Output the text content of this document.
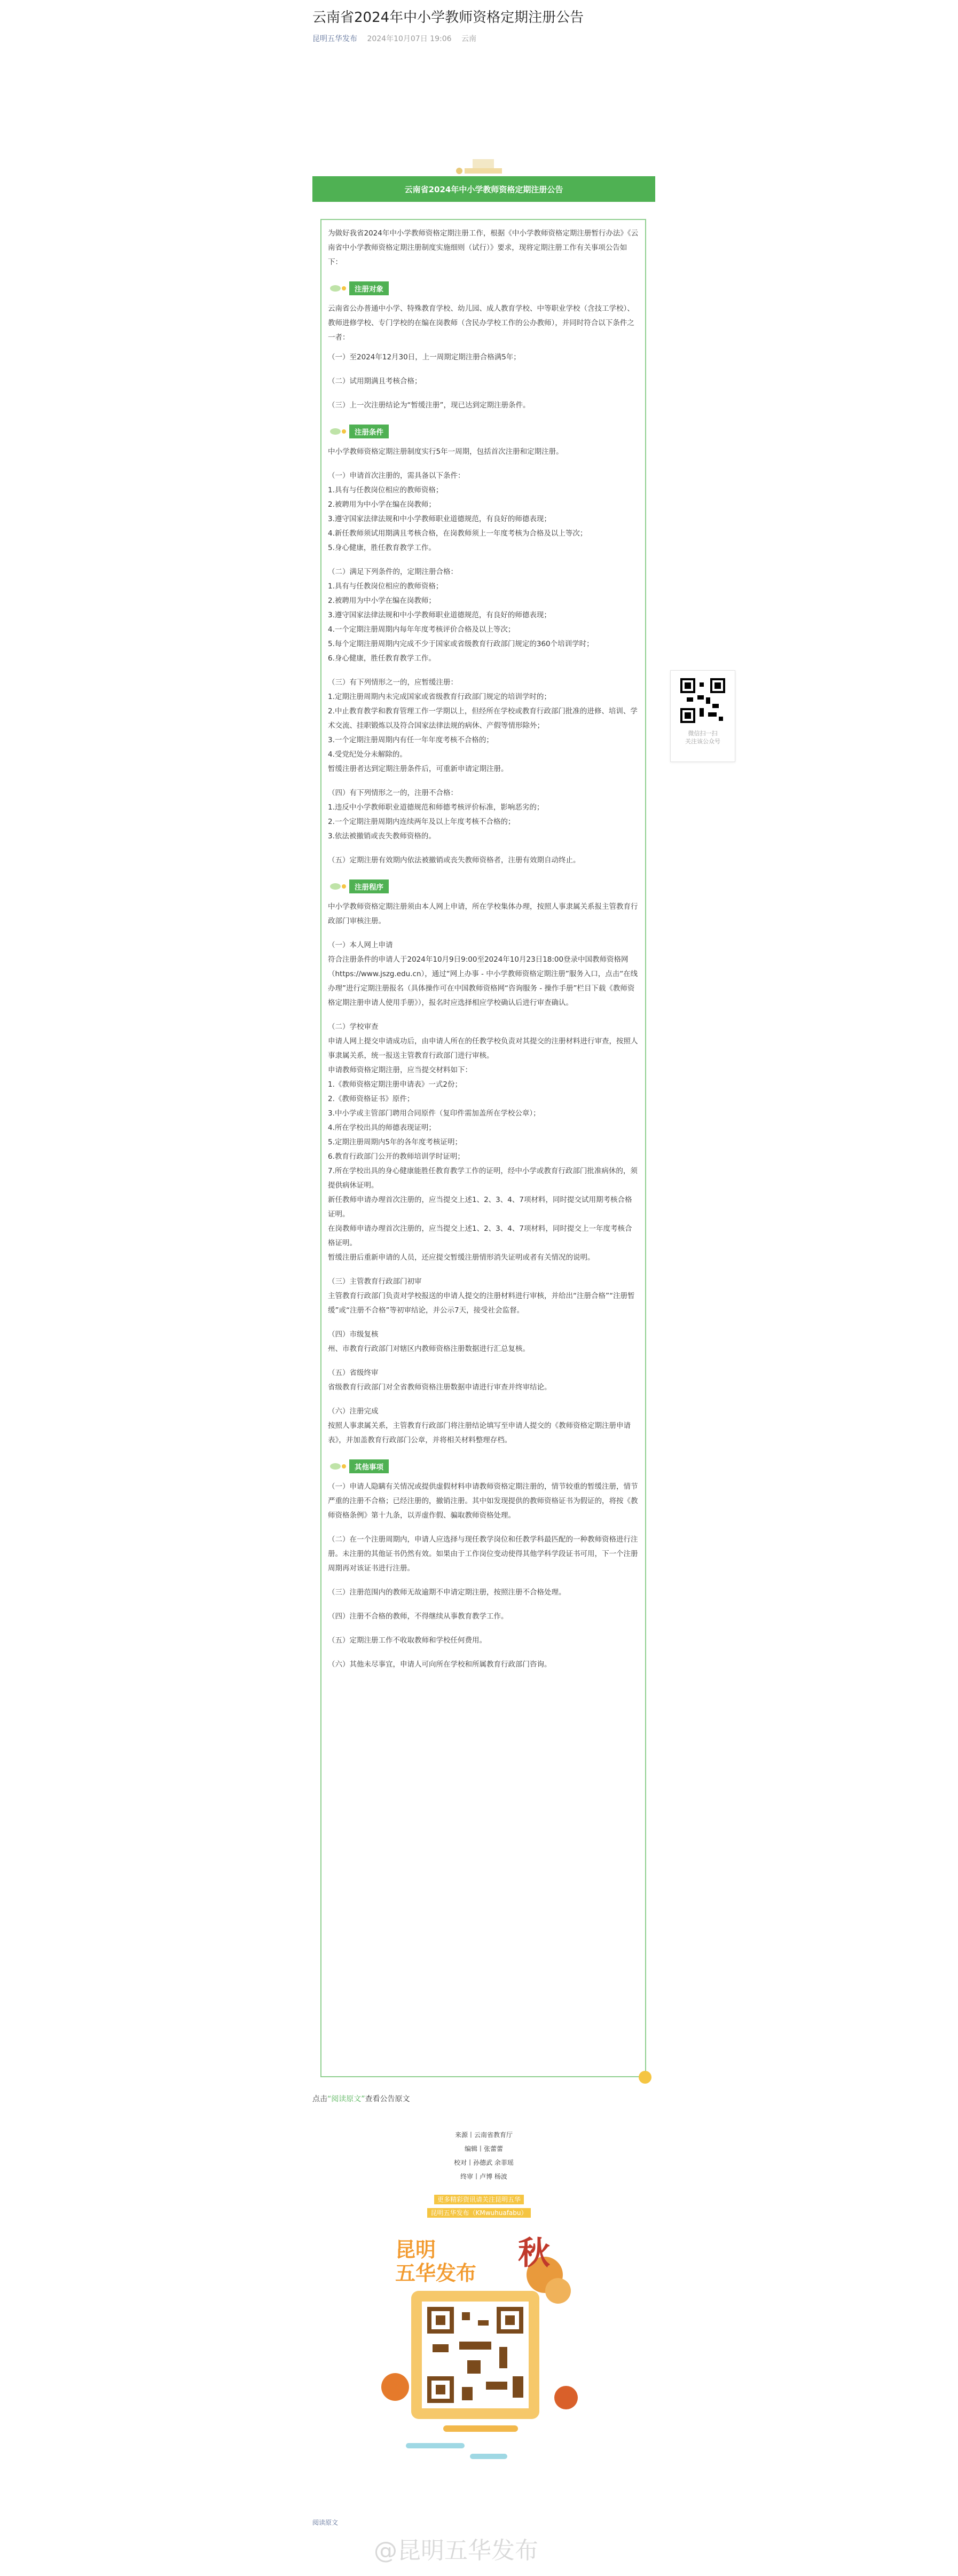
云南省2024年中小学教师资格定期注册公告
昆明五华发布 2024年10月07日 19:06 云南
云南省2024年中小学教师资格定期注册公告

为做好我省2024年中小学教师资格定期注册工作，根据《中小学教师资格定期注册暂行办法》《云南省中小学教师资格定期注册制度实施细则（试行）》要求，现将定期注册工作有关事项公告如下：

注册对象

云南省公办普通中小学、特殊教育学校、幼儿园、成人教育学校、中等职业学校（含技工学校）、教师进修学校、专门学校的在编在岗教师（含民办学校工作的公办教师），并同时符合以下条件之一者：

（一）至2024年12月30日，上一周期定期注册合格满5年；

（二）试用期满且考核合格；

（三）上一次注册结论为“暂缓注册”，现已达到定期注册条件。

注册条件

中小学教师资格定期注册制度实行5年一周期，包括首次注册和定期注册。

（一）申请首次注册的，需具备以下条件：

1.具有与任教岗位相应的教师资格；

2.被聘用为中小学在编在岗教师；

3.遵守国家法律法规和中小学教师职业道德规范，有良好的师德表现；

4.新任教师须试用期满且考核合格，在岗教师须上一年度考核为合格及以上等次；

5.身心健康，胜任教育教学工作。

（二）满足下列条件的，定期注册合格：

1.具有与任教岗位相应的教师资格；

2.被聘用为中小学在编在岗教师；

3.遵守国家法律法规和中小学教师职业道德规范，有良好的师德表现；

4.一个定期注册周期内每年年度考核评价合格及以上等次；

5.每个定期注册周期内完成不少于国家或省级教育行政部门规定的360个培训学时；

6.身心健康，胜任教育教学工作。

（三）有下列情形之一的，应暂缓注册：

1.定期注册周期内未完成国家或省级教育行政部门规定的培训学时的；

2.中止教育教学和教育管理工作一学期以上，但经所在学校或教育行政部门批准的进修、培训、学术交流、挂职锻炼以及符合国家法律法规的病休、产假等情形除外；

3.一个定期注册周期内有任一年年度考核不合格的；

4.受党纪处分未解除的。

暂缓注册者达到定期注册条件后，可重新申请定期注册。

（四）有下列情形之一的，注册不合格：

1.违反中小学教师职业道德规范和师德考核评价标准，影响恶劣的；

2.一个定期注册周期内连续两年及以上年度考核不合格的；

3.依法被撤销或丧失教师资格的。

（五）定期注册有效期内依法被撤销或丧失教师资格者，注册有效期自动终止。

注册程序

中小学教师资格定期注册须由本人网上申请，所在学校集体办理，按照人事隶属关系报主管教育行政部门审核注册。

（一）本人网上申请

符合注册条件的申请人于2024年10月9日9:00至2024年10月23日18:00登录中国教师资格网（https://www.jszg.edu.cn），通过“网上办事 - 中小学教师资格定期注册”服务入口，点击“在线办理”进行定期注册报名（具体操作可在中国教师资格网“咨询服务 - 操作手册”栏目下载《教师资格定期注册申请人使用手册》），报名时应选择相应学校确认后进行审查确认。

（二）学校审查

申请人网上提交申请成功后，由申请人所在的任教学校负责对其提交的注册材料进行审查，按照人事隶属关系，统一报送主管教育行政部门进行审核。

申请教师资格定期注册，应当提交材料如下：

1.《教师资格定期注册申请表》一式2份；

2.《教师资格证书》原件；

3.中小学或主管部门聘用合同原件（复印件需加盖所在学校公章）；

4.所在学校出具的师德表现证明；

5.定期注册周期内5年的各年度考核证明；

6.教育行政部门公开的教师培训学时证明；

7.所在学校出具的身心健康能胜任教育教学工作的证明，经中小学或教育行政部门批准病休的，须提供病休证明。

新任教师申请办理首次注册的，应当提交上述1、2、3、4、7项材料，同时提交试用期考核合格证明。

在岗教师申请办理首次注册的，应当提交上述1、2、3、4、7项材料，同时提交上一年度考核合格证明。

暂缓注册后重新申请的人员，还应提交暂缓注册情形消失证明或者有关情况的说明。

（三）主管教育行政部门初审

主管教育行政部门负责对学校报送的申请人提交的注册材料进行审核，并给出“注册合格”“注册暂缓”或“注册不合格”等初审结论，并公示7天，接受社会监督。

（四）市级复核

州、市教育行政部门对辖区内教师资格注册数据进行汇总复核。

（五）省级终审

省级教育行政部门对全省教师资格注册数据申请进行审查并终审结论。

（六）注册完成

按照人事隶属关系，主管教育行政部门将注册结论填写至申请人提交的《教师资格定期注册申请表》，并加盖教育行政部门公章，并将相关材料整理存档。

其他事项

（一）申请人隐瞒有关情况或提供虚假材料申请教师资格定期注册的，情节较重的暂缓注册，情节严重的注册不合格；已经注册的，撤销注册。其中如发现提供的教师资格证书为假证的，将按《教师资格条例》第十九条，以弄虚作假、骗取教师资格处理。

（二）在一个注册周期内，申请人应选择与现任教学岗位和任教学科最匹配的一种教师资格进行注册。未注册的其他证书仍然有效。如果由于工作岗位变动使得其他学科学段证书可用，下一个注册周期再对该证书进行注册。

（三）注册范围内的教师无故逾期不申请定期注册，按照注册不合格处理。

（四）注册不合格的教师，不得继续从事教育教学工作。

（五）定期注册工作不收取教师和学校任何费用。

（六）其他未尽事宜，申请人可向所在学校和所属教育行政部门咨询。

微信扫一扫
关注该公众号
点击“阅读原文”查看公告原文
来源丨云南省教育厅
编辑丨张蕾蕾
校对丨孙德武 余菲瑶
终审丨卢博 杨波
更多精彩资讯请关注昆明五华
昆明五华发布（KMwuhuafabu）
昆明
五华发布
秋
阅读原文
@昆明五华发布
